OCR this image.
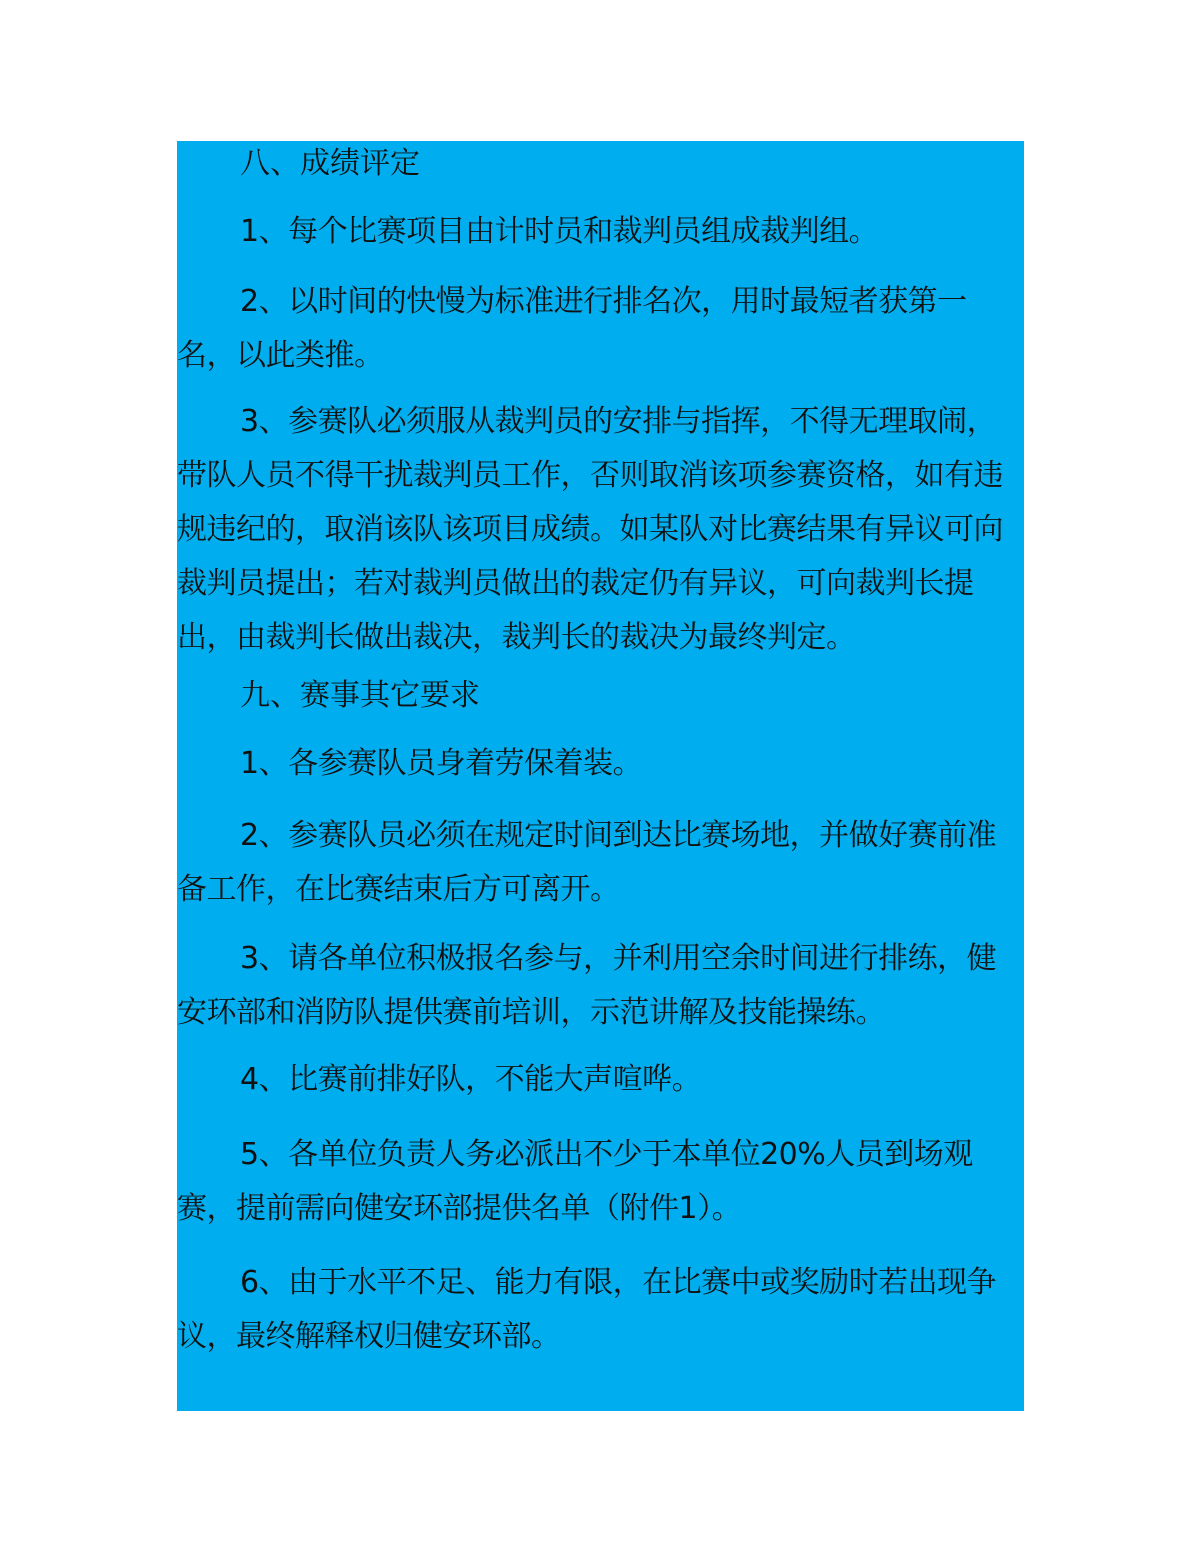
八、成绩评定

1、每个比赛项目由计时员和裁判员组成裁判组。

2、以时间的快慢为标准进行排名次，用时最短者获第一名，以此类推。

3、参赛队必须服从裁判员的安排与指挥，不得无理取闹，带队人员不得干扰裁判员工作，否则取消该项参赛资格，如有违规违纪的，取消该队该项目成绩。如某队对比赛结果有异议可向裁判员提出；若对裁判员做出的裁定仍有异议，可向裁判长提出，由裁判长做出裁决，裁判长的裁决为最终判定。

九、赛事其它要求

1、各参赛队员身着劳保着装。

2、参赛队员必须在规定时间到达比赛场地，并做好赛前准备工作，在比赛结束后方可离开。

3、请各单位积极报名参与，并利用空余时间进行排练，健安环部和消防队提供赛前培训，示范讲解及技能操练。

4、比赛前排好队，不能大声喧哗。

5、各单位负责人务必派出不少于本单位20%人员到场观赛，提前需向健安环部提供名单（附件1）。

6、由于水平不足、能力有限，在比赛中或奖励时若出现争议，最终解释权归健安环部。
